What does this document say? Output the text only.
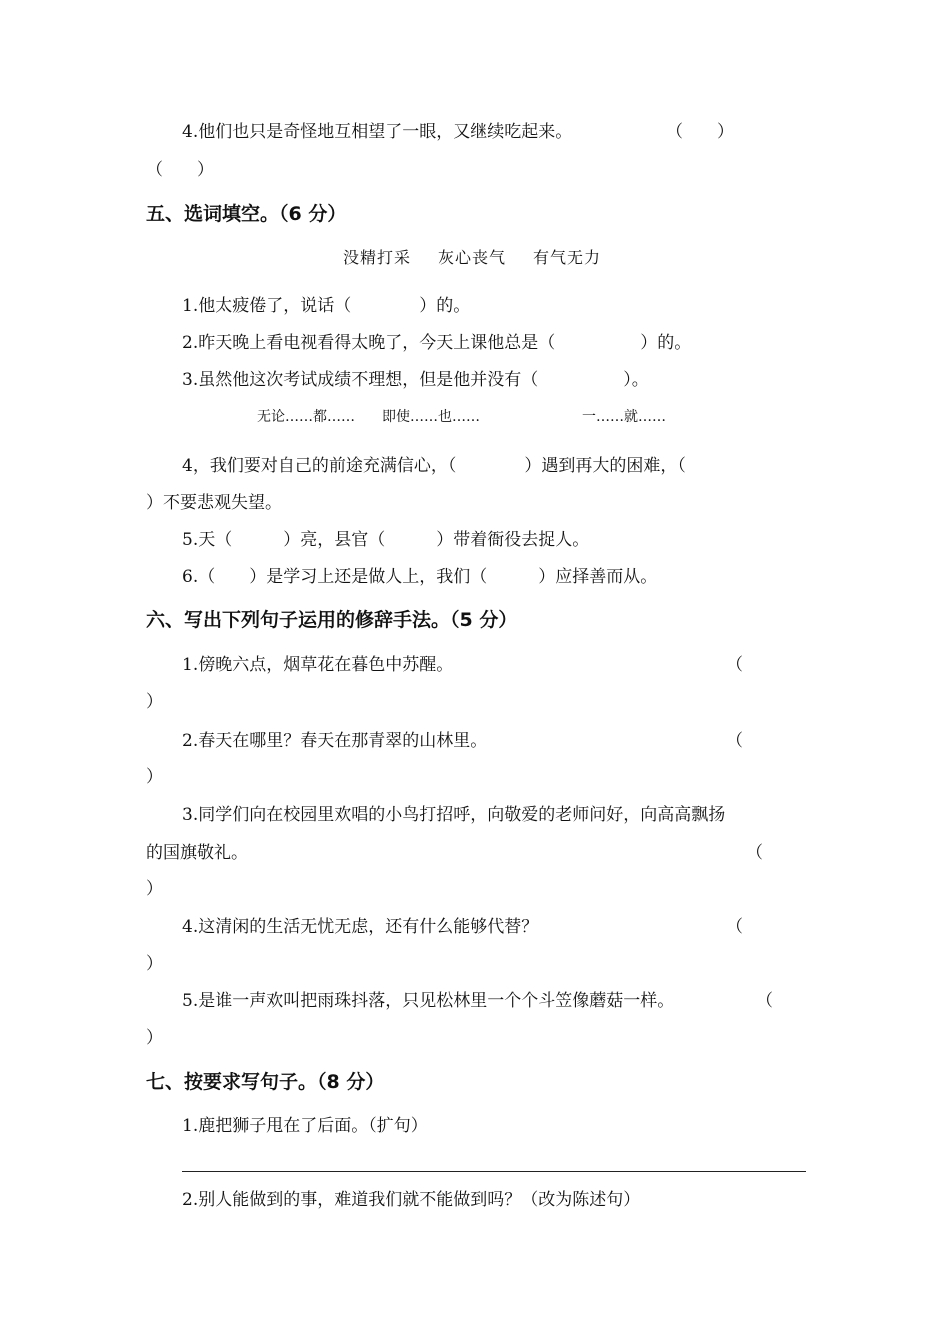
4.他们也只是奇怪地互相望了一眼，又继续吃起来。	（　　）
（　　）
五、选词填空。（6 分）
没精打采 灰心丧气 有气无力
1.他太疲倦了，说话（　　　　）的。
2.昨天晚上看电视看得太晚了，今天上课他总是（　　　　　）的。
3.虽然他这次考试成绩不理想，但是他并没有（　　　　　）。
无论……都…… 即使……也……	一……就……
4，我们要对自己的前途充满信心，（　　　　）遇到再大的困难，（
）不要悲观失望。
5.天（　　　）亮，县官（　　　）带着衙役去捉人。
6.（　　）是学习上还是做人上，我们（　　　）应择善而从。
六、写出下列句子运用的修辞手法。（5 分）
1.傍晚六点，烟草花在暮色中苏醒。	（
）
2.春天在哪里？春天在那青翠的山林里。	（
）
3.同学们向在校园里欢唱的小鸟打招呼，向敬爱的老师问好，向高高飘扬
的国旗敬礼。	（
）
4.这清闲的生活无忧无虑，还有什么能够代替？	（
）
5.是谁一声欢叫把雨珠抖落，只见松林里一个个斗笠像蘑菇一样。	（
）
七、按要求写句子。（8 分）
1.鹿把狮子甩在了后面。（扩句）
2.别人能做到的事，难道我们就不能做到吗？（改为陈述句）
